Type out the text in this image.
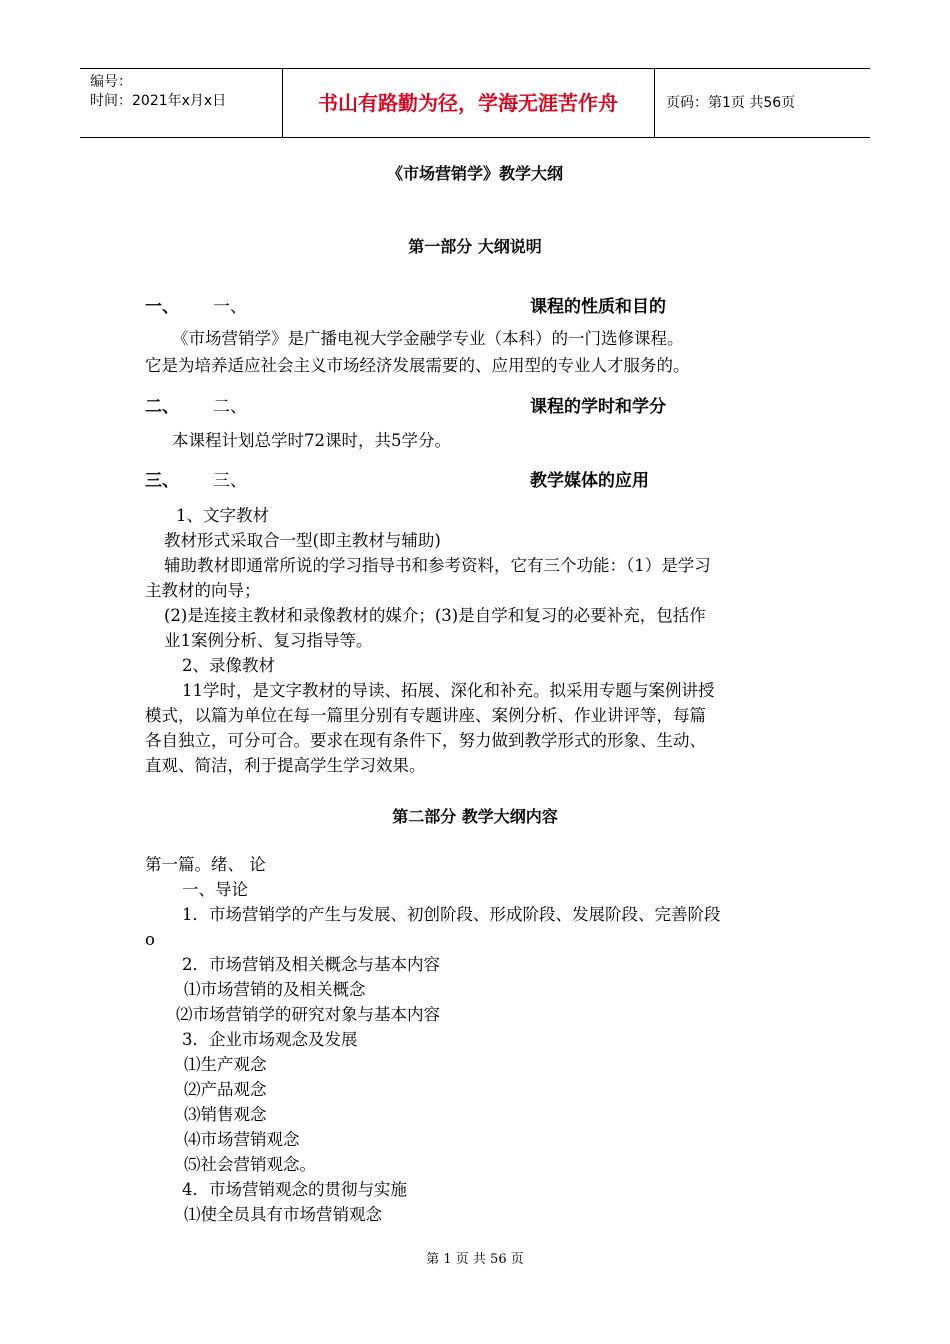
编号：
时间：2021年x月x日	书山有路勤为径，学海无涯苦作舟	页码：第1页 共56页
《市场营销学》教学大纲
第一部分 大纲说明
一、 一、	课程的性质和目的
《市场营销学》是广播电视大学金融学专业（本科）的一门选修课程。
它是为培养适应社会主义市场经济发展需要的、应用型的专业人才服务的。
二、 二、	课程的学时和学分
本课程计划总学时72课时，共5学分。
三、 三、	教学媒体的应用
1、文字教材
教材形式采取合一型(即主教材与辅助)
辅助教材即通常所说的学习指导书和参考资料，它有三个功能：（1）是学习
主教材的向导；
(2)是连接主教材和录像教材的媒介；(3)是自学和复习的必要补充，包括作
业1案例分析、复习指导等。
2、录像教材
11学时，是文字教材的导读、拓展、深化和补充。拟采用专题与案例讲授
模式，以篇为单位在每一篇里分别有专题讲座、案例分析、作业讲评等，每篇
各自独立，可分可合。要求在现有条件下，努力做到教学形式的形象、生动、
直观、简洁，利于提高学生学习效果。
第二部分 教学大纲内容
第一篇。绪、 论
一、导论
1．市场营销学的产生与发展、初创阶段、形成阶段、发展阶段、完善阶段
o
2．市场营销及相关概念与基本内容
⑴市场营销的及相关概念
⑵市场营销学的研究对象与基本内容
3．企业市场观念及发展
⑴生产观念
⑵产品观念
⑶销售观念
⑷市场营销观念
⑸社会营销观念。
4．市场营销观念的贯彻与实施
⑴使全员具有市场营销观念
第 1 页 共 56 页
